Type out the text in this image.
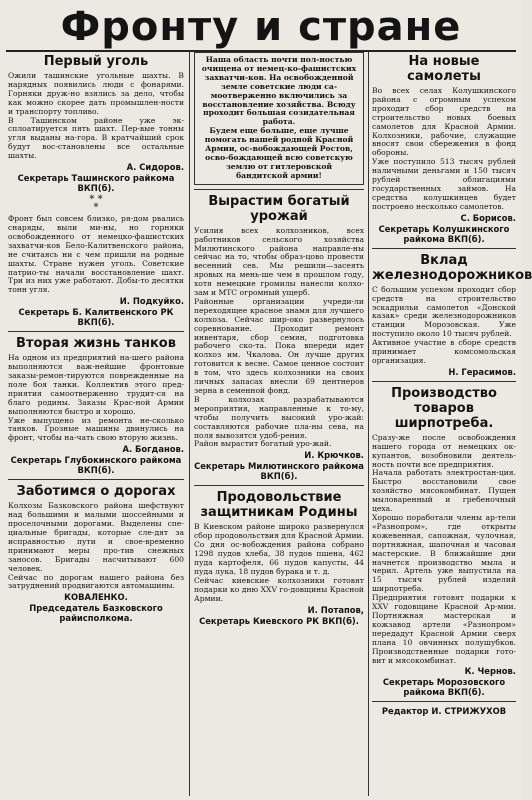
Фронту и стране
Первый уголь

Ожили ташинские угольные шахты. В нарядных появились люди с фонарями. Горняки друж-но взялись за дело, чтобы как можно скорее дать промышлен-ности и транспорту топливо.
В Ташинском районе уже эк-сплоатируется пять шахт. Пер-вые тонны угля выданы на-гора. В кратчайший срок будут вос-становлены все остальные шахты.

А. Сидоров.
Секретарь Ташинского райкома ВКП(б).
* *
*

Фронт был совсем близко, ря-дом рвались снаряды, выли ми-ны, но горняки освобожденного от немецко-фашистских захватчи-ков Бело-Калитвенского района, не считаясь ни с чем пришли на родные шахты. Стране нужен уголь. Советские патрио-ты начали восстановление шахт. Три из них уже работают. Добы-то десятки тонн угля.

И. Подкуйко.
Секретарь Б. Калитвенского РК ВКП(б).
Вторая жизнь танков

На одном из предприятий на-шего района выполняются важ-нейшие фронтовые заказы-ремон-тируются поврежденные на поле боя танки. Коллектив этого пред-приятия самоотверженно трудит-ся на благо родины. Заказы Крас-ной Армии выполняются быстро и хорошо.
Уже выпущено из ремонта не-сколько танков. Грозные машины двинулись на фронт, чтобы на-чать свою вторую жизнь.

А. Богданов.
Секретарь Глубокинского райкома ВКП(б).
Заботимся о дорогах

Колхозы Базковского района шефствуют над большими и малыми шоссейными и проселочными дорогами. Выделены спе-циальные бригады, которые сле-дят за исправностью пути и свое-временно принимают меры про-тив снежных заносов. Бригады насчитывают 600 человек.
Сейчас по дорогам нашего района без затруднений продвигаются автомашины.

КОВАЛЕНКО.
Председатель Базковского райисполкома.

Наша область почти пол-ностью очищена от немец-ко-фашистских захватчи-ков. На освобожденной земле советские люди са-моотверженно включились за восстановление хозяйства. Всюду проходит большая созидательная работа.
Будем еще больше, еще лучше помогать нашей родной Красной Армии, ос-вобождающей Ростов, осво-бождающей всю советскую землю от гитлеровской бандитской армии!

Вырастим богатый урожай

Усилия всех колхозников, всех работников сельского хозяйства Милютинского района направле-ны сейчас на то, чтобы образ-цово провести весенний сев. Мы решили—засеять яровых на мень-ше чем в прошлом году, хотя немецкие громилы нанесли колхо-зам и МТС огромный ущерб.
Районные организации учреди-ли переходящее красное знамя для лучшего колхоза. Сейчас шир-око развернулось соревнование. Проходит ремонт инвентаря, сбор семян, подготовка рабочего ско-та. Пока впереди идет колхоз им. Чкалова. Он лучше других готовится к весне. Самое ценное состоит в том, что здесь колхозники на своих личных запасах внесли 69 центнеров зерна в семенной фонд.
В колхозах разрабатываются мероприятия, направленные к то-му, чтобы получить высокий уро-жай: составляются рабочие пла-ны сева, на поля вывозятся удоб-рения.
Район вырастит богатый уро-жай.

И. Крючков.
Секретарь Милютинского райкома ВКП(б).
Продовольствие защитникам Родины

В Киевском районе широко развернулся сбор продовольствия для Красной Армии. Со дня ос-вобождения района собрано 1298 пудов хлеба, 38 пудов пшена, 462 пуда картофеля, 66 пудов капусты, 44 пуда лука, 18 пудов бурака и т. д.
Сейчас киевские колхозники готовят подарки ко дню XXV го-довщины Красной Армии.

И. Потапов,
Секретарь Киевского РК ВКП(б).
На новые самолеты

Во всех селах Колушкинского района с огромным успехом проходит сбор средств на строительство новых боевых самолетов для Красной Армии. Колхозники, рабочие, служащие вносят свои сбережения в фонд обороны.
Уже поступило 513 тысяч рублей наличными деньгами и 150 тысяч рублей облигациями государственных займов. На средства колушкинцев будет построено несколько самолетов.

С. Борисов.
Секретарь Колушкинского райкома ВКП(б).
Вклад железнодорожников

С большим успехом проходит сбор средств на строительство эскадрильи самолетов «Донской казак» среди железнодорожников станции Морозовская. Уже поступило около 10 тысяч рублей.
Активное участие в сборе средств принимает комсомольская организация.

Н. Герасимов.
Производство товаров ширпотреба.

Сразу-же после освобождения нашего города от немецких ок-купантов, возобновили деятель-ность почти все предприятия.
Начала работать электростан-ция. Быстро восстановили свое хозяйство мясокомбинат. Пущен мыловаренный и гребеночный цеха.
Хорошо поработали члены ар-тели «Разнопром», где открыты кожевенная, сапожная, чулочная, портняжная, шапочная и часовая мастерские. В ближайшие дни начнется производство мыла и черил. Артель уже выпустила на 15 тысяч рублей изделий ширпотреба.
Предприятия готовят подарки к XXV годовщине Красной Ар-мии. Портняжная мастерская и кожзавод артели «Разнопром» передадут Красной Армии сверх плана 10 овчинных полушубков. Производственные подарки гото-вит и мясокомбинат.

К. Чернов.
Секретарь Морозовского райкома ВКП(б).
Редактор И. СТРИЖУХОВ
